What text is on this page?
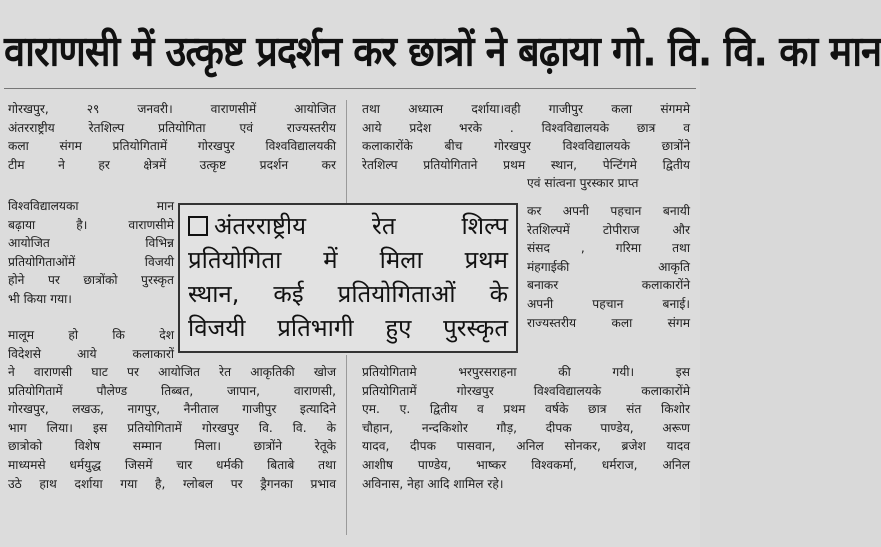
वाराणसी में उत्कृष्ट प्रदर्शन कर छात्रों ने बढ़ाया गो. वि. वि. का मान
गोरखपुर, २९ जनवरी। वाराणसीमें आयोजित
अंतरराष्ट्रीय रेतशिल्प प्रतियोगिता एवं राज्यस्तरीय
कला संगम प्रतियोगितामें गोरखपुर विश्वविद्यालयकी
टीम ने हर क्षेत्रमें उत्कृष्ट प्रदर्शन कर
विश्वविद्यालयका मान
बढ़ाया है। वाराणसीमे
आयोजित विभिन्न
प्रतियोगिताओंमें विजयी
होने पर छात्रोंको पुरस्कृत
भी किया गया।
मालूम हो कि देश
विदेशसे आये कलाकारों
तथा अध्यात्म दर्शाया।वही गाजीपुर कला संगममे
आये प्रदेश भरके . विश्वविद्यालयके छात्र व
कलाकारोंके बीच गोरखपुर विश्वविद्यालयके छात्रोंने
रेतशिल्प प्रतियोगिताने प्रथम स्थान, पेन्टिंगमे द्वितीय
एवं सांत्वना पुरस्कार प्राप्त
कर अपनी पहचान बनायी
रेतशिल्पमें टोपीराज और
संसद , गरिमा तथा
मंहगाईकी आकृति
बनाकर कलाकारोंने
अपनी पहचान बनाई।
राज्यस्तरीय कला संगम
अंतरराष्ट्रीय रेत शिल्प
प्रतियोगिता में मिला प्रथम
स्थान, कई प्रतियोगिताओं के
विजयी प्रतिभागी हुए पुरस्कृत
ने वाराणसी घाट पर आयोजित रेत आकृतिकी खोज
प्रतियोगितामें पौलेण्ड तिब्बत, जापान, वाराणसी,
गोरखपुर, लखऊ, नागपुर, नैनीताल गाजीपुर इत्यादिने
भाग लिया। इस प्रतियोगितामें गोरखपुर वि. वि. के
छात्रोको विशेष सम्मान मिला। छात्रोंने रेतूके
माध्यमसे धर्मयुद्ध जिसमें चार धर्मकी बिताबे तथा
उठे हाथ दर्शाया गया है, ग्लोबल पर ड्रैगनका प्रभाव
प्रतियोगितामे भरपुरसराहना की गयी। इस
प्रतियोगितामें गोरखपुर विश्वविद्यालयके कलाकारोंमे
एम. ए. द्वितीय व प्रथम वर्षके छात्र संत किशोर
चौहान, नन्दकिशोर गौड़, दीपक पाण्डेय, अरूण
यादव, दीपक पासवान, अनिल सोनकर, ब्रजेश यादव
आशीष पाण्डेय, भाष्कर विश्वकर्मा, धर्मराज, अनिल
अविनास, नेहा आदि शामिल रहे।
